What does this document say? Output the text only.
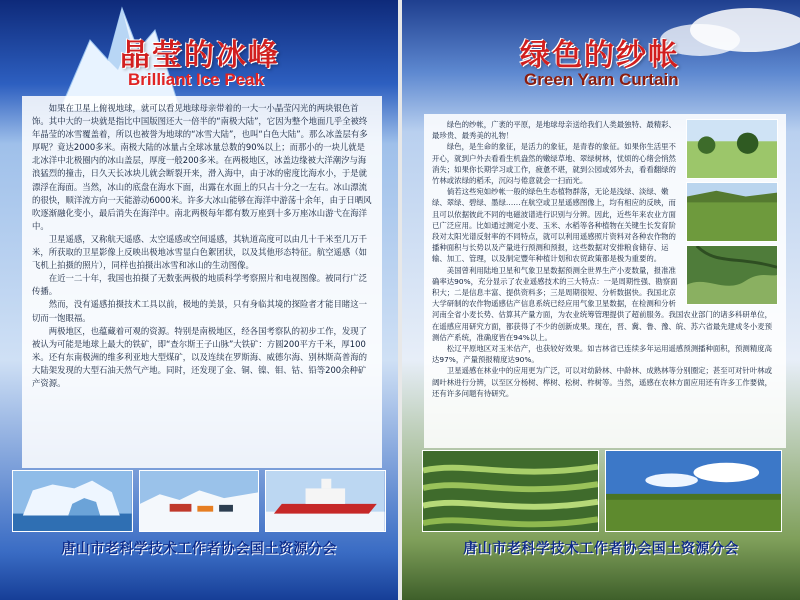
晶莹的冰峰
Brilliant Ice Peak

如果在卫星上俯视地球，就可以看见地球母亲带着的一大一小晶莹闪光的两块银色首饰。其中大的一块就是指比中国版图还大一倍半的“南极大陆”，它因为整个地面几乎全被终年晶莹的冰雪覆盖着，所以也被誉为地球的“冰雪大陆”，也叫“白色大陆”。那么冰盖层有多厚呢？竟达2000多米。南极大陆的冰量占全球冰量总数的90%以上；而那小的一块儿就是北冰洋中北极圈内的冰山盖层，厚度一般200多米。在两极地区，冰盖边缘被大洋潮汐与海浪猛烈的撞击，日久天长冰块儿就会断裂开来，滑入海中，由于冰的密度比海水小，于是就漂浮在海面。当然，冰山的底盘在海水下面，出露在水面上的只占十分之一左右。冰山漂流的很快，顺洋流方向一天能游动6000米。许多大冰山能够在海洋中游荡十余年，由于日晒风吹逐渐融化变小，最后消失在海洋中。南北两极每年都有数万座到十多万座冰山游弋在海洋中。

卫星遥感，又称航天遥感、太空遥感或空间遥感，其轨道高度可以由几十千米至几万千米，所获取的卫星影像上反映出极地冰雪显白色絮团状，以及其他形态特征。航空遥感（如飞机上拍摄的照片），同样也拍摄出冰雪和冰山的生动图像。

在近一二十年，我国也拍摄了无数张两极的地质科学考察照片和电视图像。被同行广泛传播。

然而，没有遥感拍摄技术工具以前，极地的美景，只有身临其境的探险者才能目睹这一切而一饱眼福。

两极地区，也蕴藏着可观的资源。特别是南极地区，经各国考察队的初步工作，发现了被认为可能是地球上最大的铁矿，即“查尔斯王子山脉”大铁矿：方圆200平方千米，厚100米。还有东南极洲的维多利亚地大型煤矿，以及连续在罗斯海、威德尔海、别林斯高普海的大陆架发现的大型石油天然气产地。同时，还发现了金、铜、镍、钼、钴、铅等200余种矿产资源。

唐山市老科学技术工作者协会国土资源分会
绿色的纱帐
Green Yarn Curtain

绿色的纱帐，广袤的平原，是地球母亲送给我们人类最独特、最精彩、最珍贵、最秀美的礼物！

绿色，是生命的象征，是活力的象征，是青春的象征。如果你生活里不开心，就到户外去看看生机盎然的嫩绿草地、翠绿树林，忧烦的心绪会悄然消失；如果你长期学习或工作，疲惫不堪，就到公园或郊外去，看看翻绿的竹林或浓绿的稻禾，沉闷与倦意就会一扫而光。

倘若这些宛如纱帐一般的绿色生态植物群落，无论是浅绿、淡绿、嫩绿、翠绿、碧绿、墨绿……在航空或卫星遥感图像上，均有相应的反映，而且可以依据彼此不同的电磁波谱进行识别与分辨。因此，近些年来农业方面已广泛应用。比如通过测定小麦、玉米、水稻等各种植物在关键生长发育阶段对太阳光谱反射率的不同特点，就可以利用遥感照片资料对各种农作物的播种面积与长势以及产量进行预测和预报，这些数据对安排粮食储存、运输、加工、管理，以及制定豐年种植计划和农贸政策都是极为重要的。

美国曾利用陆地卫星和气象卫星数据预测全世界生产小麦数量，报准准确率达90%，充分显示了农业遥感技术的三大特点：一是周期性强、勘察面积大；二是信息丰富、提供资料多；三是周期很短、分析数据快。我国北京大学研制的农作物遥感估产信息系统已经应用气象卫星数据，在检测和分析河南全省小麦长势、估算其产量方面，为农业统筹管理提供了超前服务。我国农业部门的诸多科研单位，在遥感应用研究方面，都获得了不少的创新成果。现在，晋、冀、鲁、豫、皖、苏六省最先建成冬小麦预测估产系统，准确度皆在94%以上。

松辽平原地区对玉米估产，也获较好效果。如吉林省已连续多年运用遥感预测播种面积，预测精度高达97%，产量预报精度达90%。

卫星遥感在林业中的应用更为广泛，可以对幼龄林、中龄林、成熟林等分别圈定；甚至可对针叶林或阔叶林进行分辨，以至区分杨树、桦树、松树、柞树等。当然，遥感在农林方面应用还有许多工作要做，还有许多问题有待研究。

唐山市老科学技术工作者协会国土资源分会
